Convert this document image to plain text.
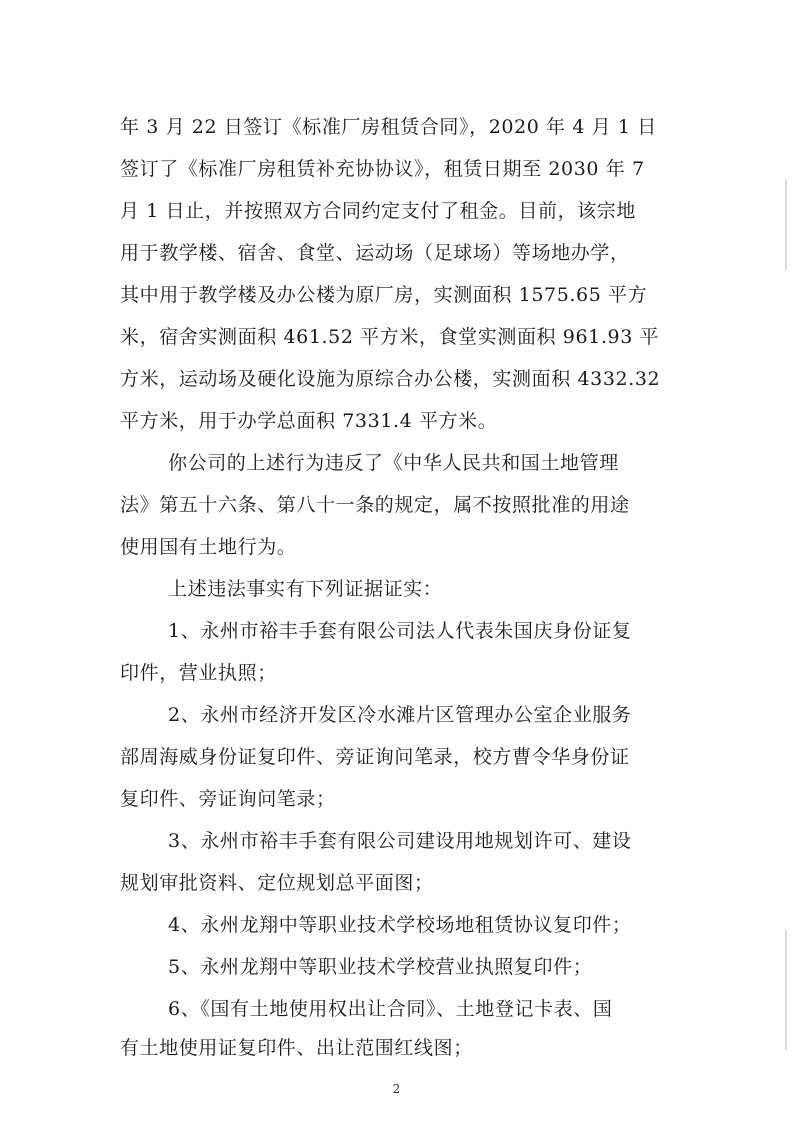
年 3 月 22 日签订《标准厂房租赁合同》，2020 年 4 月 1 日
签订了《标准厂房租赁补充协协议》，租赁日期至 2030 年 7
月 1 日止，并按照双方合同约定支付了租金。目前，该宗地
用于教学楼、宿舍、食堂、运动场（足球场）等场地办学，
其中用于教学楼及办公楼为原厂房，实测面积 1575.65 平方
米，宿舍实测面积 461.52 平方米，食堂实测面积 961.93 平
方米，运动场及硬化设施为原综合办公楼，实测面积 4332.32
平方米，用于办学总面积 7331.4 平方米。
你公司的上述行为违反了《中华人民共和国土地管理
法》第五十六条、第八十一条的规定，属不按照批准的用途
使用国有土地行为。
上述违法事实有下列证据证实：
1、永州市裕丰手套有限公司法人代表朱国庆身份证复
印件，营业执照；
2、永州市经济开发区冷水滩片区管理办公室企业服务
部周海威身份证复印件、旁证询问笔录，校方曹令华身份证
复印件、旁证询问笔录；
3、永州市裕丰手套有限公司建设用地规划许可、建设
规划审批资料、定位规划总平面图；
4、永州龙翔中等职业技术学校场地租赁协议复印件；
5、永州龙翔中等职业技术学校营业执照复印件；
6、《国有土地使用权出让合同》、土地登记卡表、国
2
有土地使用证复印件、出让范围红线图；
